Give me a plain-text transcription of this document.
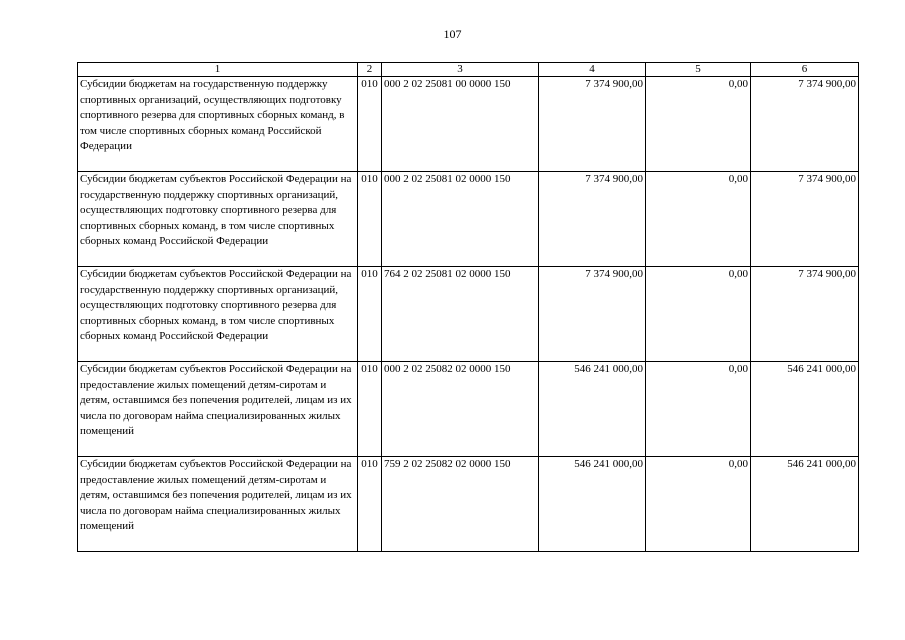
107
1	2	3	4	5	6

Субсидии бюджетам на государственную поддержку спортивных организаций, осуществляющих подготовку спортивного резерва для спортивных сборных команд, в том числе спортивных сборных команд Российской Федерации	010	000 2 02 25081 00 0000 150	7 374 900,00	0,00	7 374 900,00

Субсидии бюджетам субъектов Российской Федерации на государственную поддержку спортивных организаций, осуществляющих подготовку спортивного резерва для спортивных сборных команд, в том числе спортивных сборных команд Российской Федерации	010	000 2 02 25081 02 0000 150	7 374 900,00	0,00	7 374 900,00

Субсидии бюджетам субъектов Российской Федерации на государственную поддержку спортивных организаций, осуществляющих подготовку спортивного резерва для спортивных сборных команд, в том числе спортивных сборных команд Российской Федерации	010	764 2 02 25081 02 0000 150	7 374 900,00	0,00	7 374 900,00

Субсидии бюджетам субъектов Российской Федерации на предоставление жилых помещений детям-сиротам и детям, оставшимся без попечения родителей, лицам из их числа по договорам найма специализированных жилых помещений	010	000 2 02 25082 02 0000 150	546 241 000,00	0,00	546 241 000,00

Субсидии бюджетам субъектов Российской Федерации на предоставление жилых помещений детям-сиротам и детям, оставшимся без попечения родителей, лицам из их числа по договорам найма специализированных жилых помещений	010	759 2 02 25082 02 0000 150	546 241 000,00	0,00	546 241 000,00
